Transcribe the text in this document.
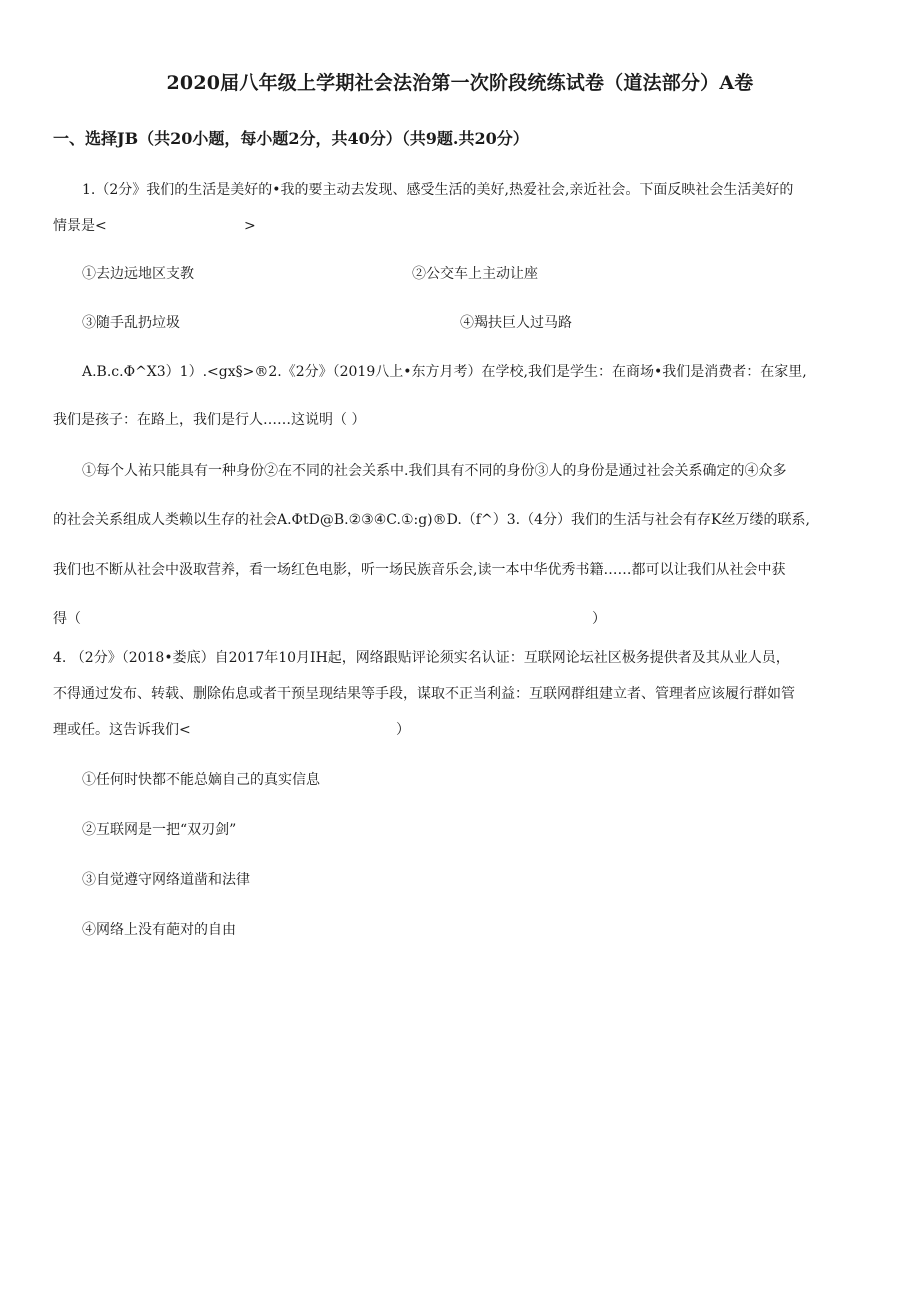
2020届八年级上学期社会法治第一次阶段统练试卷（道法部分）A卷
一、选择JB（共20小题，每小题2分，共40分）（共9题.共20分）
1.（2分》我们的生活是美好的•我的要主动去发现、感受生活的美好,热爱社会,亲近社会。下面反映社会生活美好的
情景是<	>
①去边远地区支教	②公交车上主动让座
③随手乱扔垃圾	④羯扶巨人过马路
A.B.c.Φ^X3）1）.<gx§>®2.《2分》（2019八上•东方月考）在学校,我们是学生：在商场•我们是消费者：在家里,
我们是孩子：在路上，我们是行人……这说明（ ）
①每个人祐只能具有一种身份②在不同的社会关系中.我们具有不同的身份③人的身份是通过社会关系确定的④众多
的社会关系组成人类赖以生存的社会A.ΦtD@B.②③④C.①:g)®D.（f^）3.（4分）我们的生活与社会有存K丝万缕的联系,
我们也不断从社会中汲取营养，看一场红色电影，听一场民族音乐会,读一本中华优秀书籍……都可以让我们从社会中获
得（	）
4. （2分》（2018•娄底）自2017年10月IH起，网络跟贴评论须实名认证：互联网论坛社区极务提供者及其从业人员，
不得通过发布、转载、删除佑息或者干预呈现结果等手段，谋取不正当利益：互联网群组建立者、管理者应该履行群如管
理或任。这告诉我们<	）
①任何时快都不能总嫡自己的真实信息
②互联网是一把“双刃剑”
③自觉遵守网络道凿和法律
④网络上没有葩对的自由
